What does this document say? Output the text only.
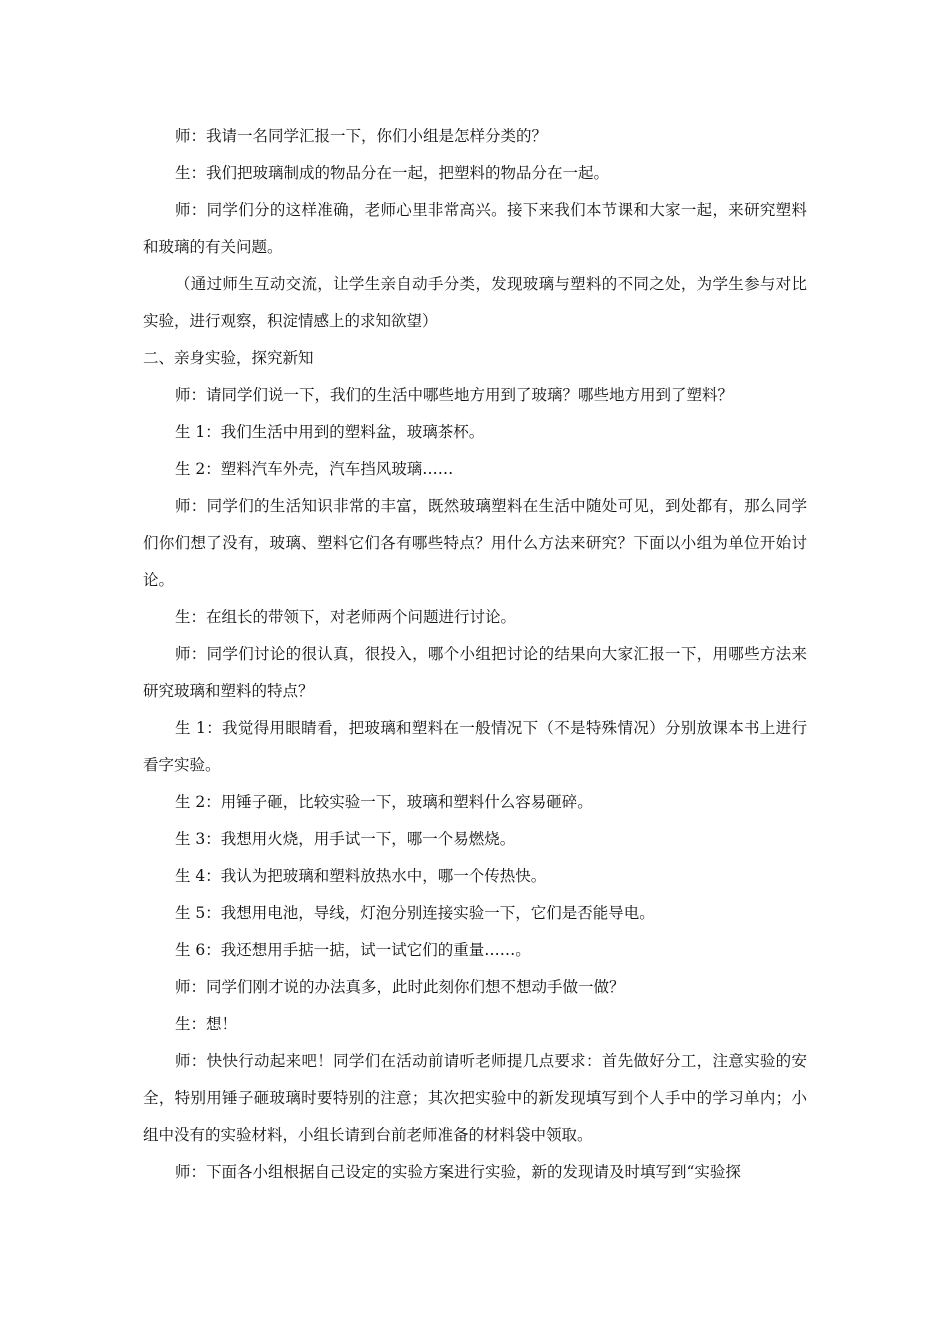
师：我请一名同学汇报一下，你们小组是怎样分类的？

生：我们把玻璃制成的物品分在一起，把塑料的物品分在一起。

师：同学们分的这样准确，老师心里非常高兴。接下来我们本节课和大家一起，来研究塑料和玻璃的有关问题。

（通过师生互动交流，让学生亲自动手分类，发现玻璃与塑料的不同之处，为学生参与对比实验，进行观察，积淀情感上的求知欲望）

二、亲身实验，探究新知

师：请同学们说一下，我们的生活中哪些地方用到了玻璃？哪些地方用到了塑料？

生 1：我们生活中用到的塑料盆，玻璃茶杯。

生 2：塑料汽车外壳，汽车挡风玻璃……

师：同学们的生活知识非常的丰富，既然玻璃塑料在生活中随处可见，到处都有，那么同学们你们想了没有，玻璃、塑料它们各有哪些特点？用什么方法来研究？下面以小组为单位开始讨论。

生：在组长的带领下，对老师两个问题进行讨论。

师：同学们讨论的很认真，很投入，哪个小组把讨论的结果向大家汇报一下，用哪些方法来研究玻璃和塑料的特点？

生 1：我觉得用眼睛看，把玻璃和塑料在一般情况下（不是特殊情况）分别放课本书上进行看字实验。

生 2：用锤子砸，比较实验一下，玻璃和塑料什么容易砸碎。

生 3：我想用火烧，用手试一下，哪一个易燃烧。

生 4：我认为把玻璃和塑料放热水中，哪一个传热快。

生 5：我想用电池，导线，灯泡分别连接实验一下，它们是否能导电。

生 6：我还想用手掂一掂，试一试它们的重量……。

师：同学们刚才说的办法真多，此时此刻你们想不想动手做一做？

生：想！

师：快快行动起来吧！同学们在活动前请听老师提几点要求：首先做好分工，注意实验的安全，特别用锤子砸玻璃时要特别的注意；其次把实验中的新发现填写到个人手中的学习单内；小组中没有的实验材料，小组长请到台前老师准备的材料袋中领取。

师：下面各小组根据自己设定的实验方案进行实验，新的发现请及时填写到“实验探
